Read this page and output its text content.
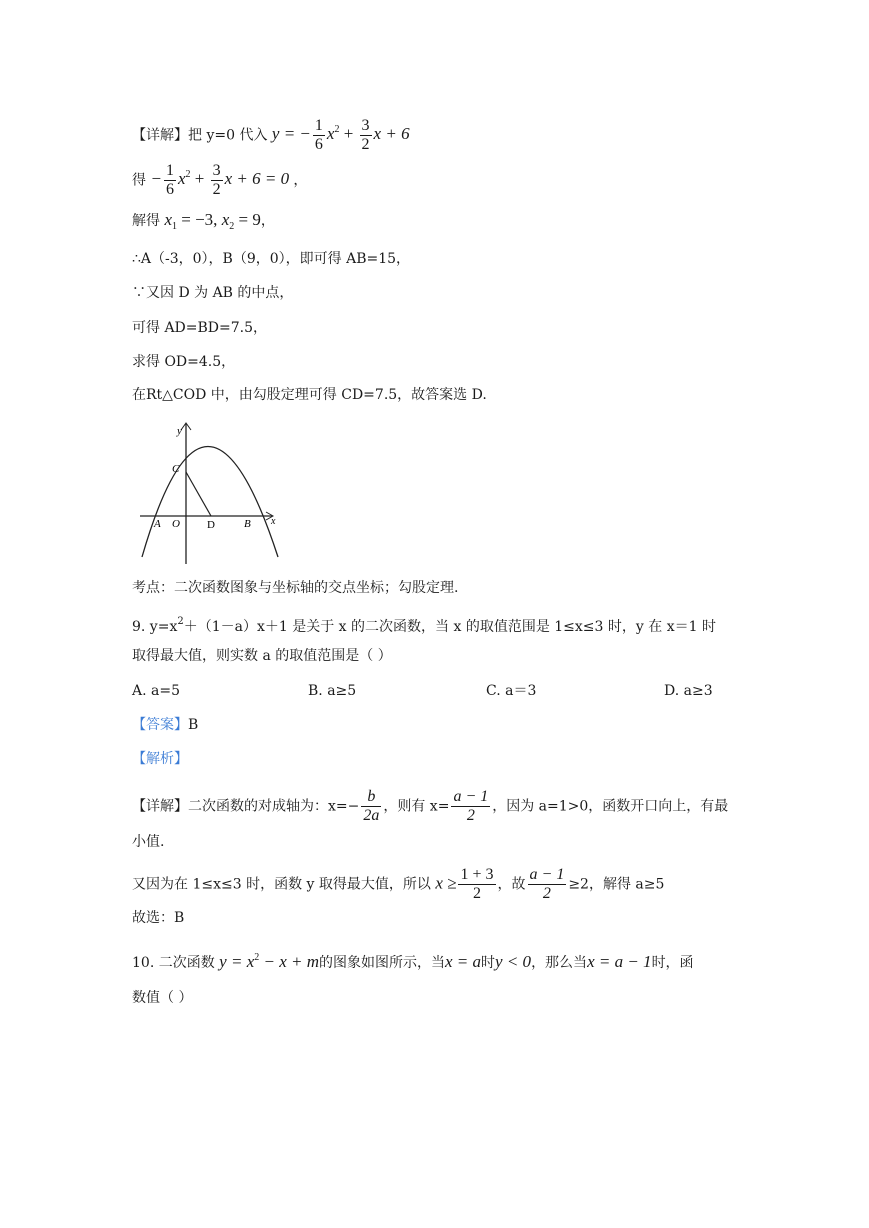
【详解】把 y=0 代入 y = − $\frac{1}{6} x^2 + \frac{3}{2}$ x + 6
得 − $\frac{1}{6} x^2 + \frac{3}{2}$ x + 6 = 0 ，
解得 $x_1 = -3$, $x_2 = 9$，
∴A（-3，0），B（9，0），即可得 AB=15，
∵又因 D 为 AB 的中点，
可得 AD=BD=7.5，
求得 OD=4.5，
在Rt△COD 中，由勾股定理可得 CD=7.5，故答案选 D.
y
x
C
A O D	B
考点：二次函数图象与坐标轴的交点坐标；勾股定理.
9. $y=x^2+(1-a)x+1$ 是关于 x 的二次函数，当 x 的取值范围是 1≤x≤3 时，y 在 x＝1 时
取得最大值，则实数 a 的取值范围是（ ）
A. a=5	B. a≥5	C. a＝3	D. a≥3
【答案】B
【解析】
【详解】二次函数的对成轴为：$x=- \frac{b}{2a}$ ，则有 $x= \frac{a - 1}{2}$ ，因为 a=1>0，函数开口向上，有最
小值.
又因为在 1≤x≤3 时，函数 y 取得最大值，所以 $x \ge \frac{1 + 3}{2}$ ，故 $\frac{a - 1}{2} \ge 2$，解得 a≥5
故选：B
10. 二次函数 $y = x^2 - x + m$的图象如图所示，当x = a时y < 0，那么当x = a − 1时，函
数值（ ）
